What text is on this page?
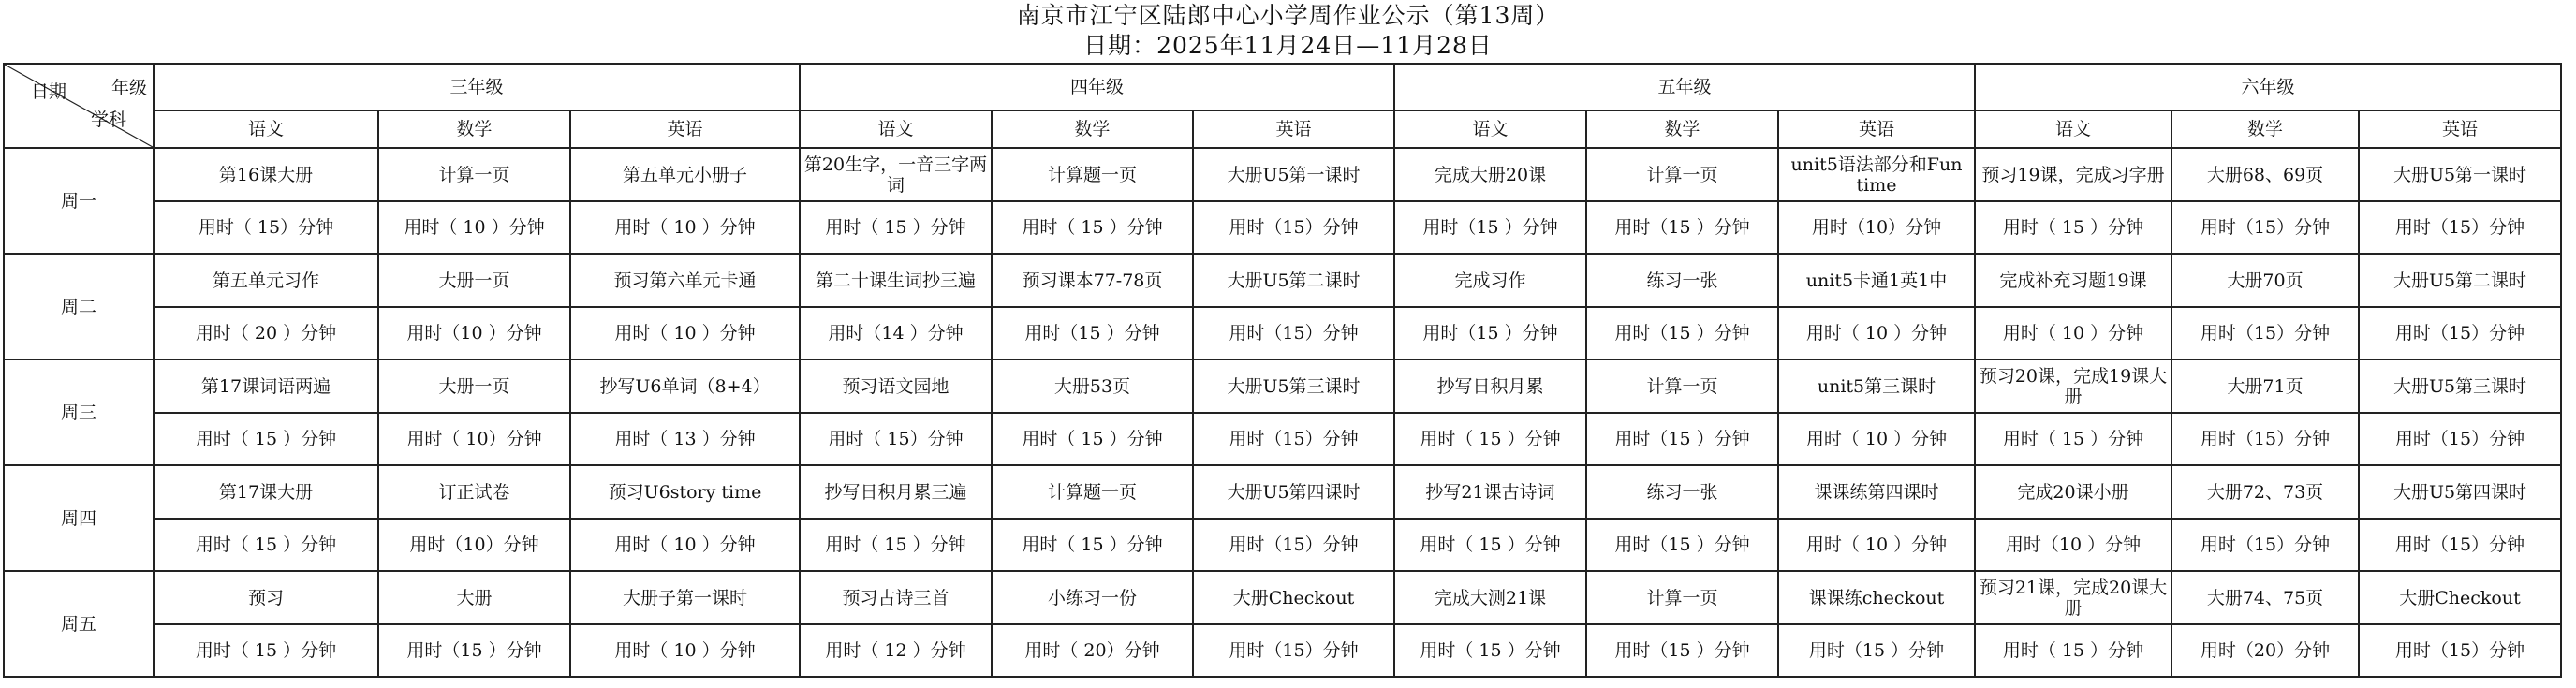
南京市江宁区陆郎中心小学周作业公示（第13周）
日期：2025年11月24日—11月28日
日期 年级
学科	三年级			四年级			五年级			六年级		
	语文	数学	英语	语文	数学	英语	语文	数学	英语	语文	数学	英语
周一	第16课大册	计算一页	第五单元小册子	第20生字，一音三字两词	计算题一页	大册U5第一课时	完成大册20课	计算一页	unit5语法部分和Fun time	预习19课，完成习字册	大册68、69页	大册U5第一课时
	用时（ 15）分钟	用时（ 10 ）分钟	用时（ 10 ）分钟	用时（ 15 ）分钟	用时（ 15 ）分钟	用时（15）分钟	用时（15 ）分钟	用时（15 ）分钟	用时（10）分钟	用时（ 15 ）分钟	用时（15）分钟	用时（15）分钟
周二	第五单元习作	大册一页	预习第六单元卡通	第二十课生词抄三遍	预习课本77-78页	大册U5第二课时	完成习作	练习一张	unit5卡通1英1中	完成补充习题19课	大册70页	大册U5第二课时
	用时（ 20 ）分钟	用时（10 ）分钟	用时（ 10 ）分钟	用时（14 ）分钟	用时（15 ）分钟	用时（15）分钟	用时（15 ）分钟	用时（15 ）分钟	用时（ 10 ）分钟	用时（ 10 ）分钟	用时（15）分钟	用时（15）分钟
周三	第17课词语两遍	大册一页	抄写U6单词（8+4）	预习语文园地	大册53页	大册U5第三课时	抄写日积月累	计算一页	unit5第三课时	预习20课，完成19课大册	大册71页	大册U5第三课时
	用时（ 15 ）分钟	用时（ 10）分钟	用时（ 13 ）分钟	用时（ 15）分钟	用时（ 15 ）分钟	用时（15）分钟	用时（ 15 ）分钟	用时（15 ）分钟	用时（ 10 ）分钟	用时（ 15 ）分钟	用时（15）分钟	用时（15）分钟
周四	第17课大册	订正试卷	预习U6story time	抄写日积月累三遍	计算题一页	大册U5第四课时	抄写21课古诗词	练习一张	课课练第四课时	完成20课小册	大册72、73页	大册U5第四课时
	用时（ 15 ）分钟	用时（10）分钟	用时（ 10 ）分钟	用时（ 15 ）分钟	用时（ 15 ）分钟	用时（15）分钟	用时（ 15 ）分钟	用时（15 ）分钟	用时（ 10 ）分钟	用时（10 ）分钟	用时（15）分钟	用时（15）分钟
周五	预习	大册	大册子第一课时	预习古诗三首	小练习一份	大册Checkout	完成大测21课	计算一页	课课练checkout	预习21课，完成20课大册	大册74、75页	大册Checkout
	用时（ 15 ）分钟	用时（15 ）分钟	用时（ 10 ）分钟	用时（ 12 ）分钟	用时（ 20）分钟	用时（15）分钟	用时（ 15 ）分钟	用时（15 ）分钟	用时（15 ）分钟	用时（ 15 ）分钟	用时（20）分钟	用时（15）分钟
